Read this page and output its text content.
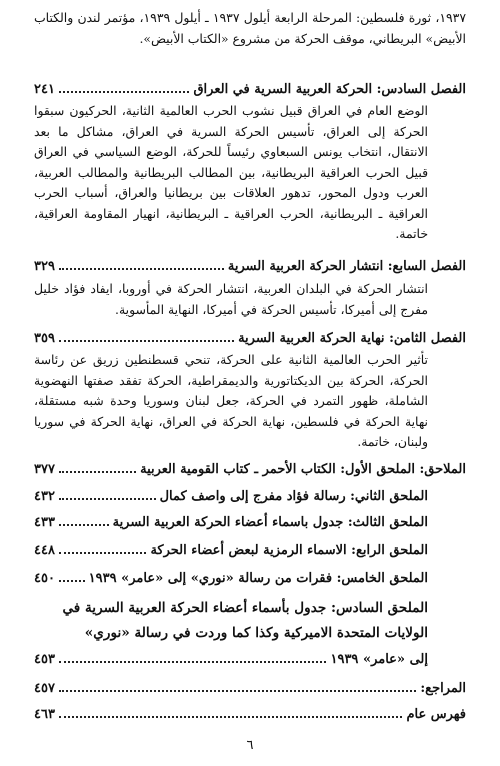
١٩٣٧، ثورة فلسطين: المرحلة الرابعة أيلول ١٩٣٧ ـ أيلول ١٩٣٩، مؤتمر لندن والكتاب الأبيض» البريطاني، موقف الحركة من مشروع «الكتاب الأبيض».
الفصل السادس: الحركة العربية السرية في العراق
٢٤١
الوضع العام في العراق قبيل نشوب الحرب العالمية الثانية، الحركيون سبقوا الحركة إلى العراق، تأسيس الحركة السرية في العراق، مشاكل ما بعد الانتقال، انتخاب يونس السبعاوي رئيساً للحركة، الوضع السياسي في العراق قبيل الحرب العراقية البريطانية، بين المطالب البريطانية والمطالب العربية، العرب ودول المحور، تدهور العلاقات بين بريطانيا والعراق، أسباب الحرب العراقية ـ البريطانية، الحرب العراقية ـ البريطانية، انهيار المقاومة العراقية، خاتمة.
الفصل السابع: انتشار الحركة العربية السرية
٣٢٩
انتشار الحركة في البلدان العربية، انتشار الحركة في أوروبا، ايفاد فؤاد خليل مفرج إلى أميركا، تأسيس الحركة في أميركا، النهاية المأسوية.
الفصل الثامن: نهاية الحركة العربية السرية
٣٥٩
تأثير الحرب العالمية الثانية على الحركة، تنحي قسطنطين زريق عن رئاسة الحركة، الحركة بين الديكتاتورية والديمقراطية، الحركة تفقد صفتها النهضوية الشاملة، ظهور التمرد في الحركة، جعل لبنان وسوريا وحدة شبه مستقلة، نهاية الحركة في فلسطين، نهاية الحركة في العراق، نهاية الحركة في سوريا ولبنان، خاتمة.
الملاحق: الملحق الأول: الكتاب الأحمر ـ كتاب القومية العربية
٣٧٧
الملحق الثاني: رسالة فؤاد مفرج إلى واصف كمال
٤٣٢
الملحق الثالث: جدول باسماء أعضاء الحركة العربية السرية
٤٣٣
الملحق الرابع: الاسماء الرمزية لبعض أعضاء الحركة
٤٤٨
الملحق الخامس: فقرات من رسالة «نوري» إلى «عامر» ١٩٣٩
٤٥٠
الملحق السادس: جدول بأسماء أعضاء الحركة العربية السرية في
الولايات المتحدة الاميركية وكذا كما وردت في رسالة «نوري»
إلى «عامر» ١٩٣٩
٤٥٣
المراجع:
٤٥٧
فهرس عام
٤٦٣
٦
